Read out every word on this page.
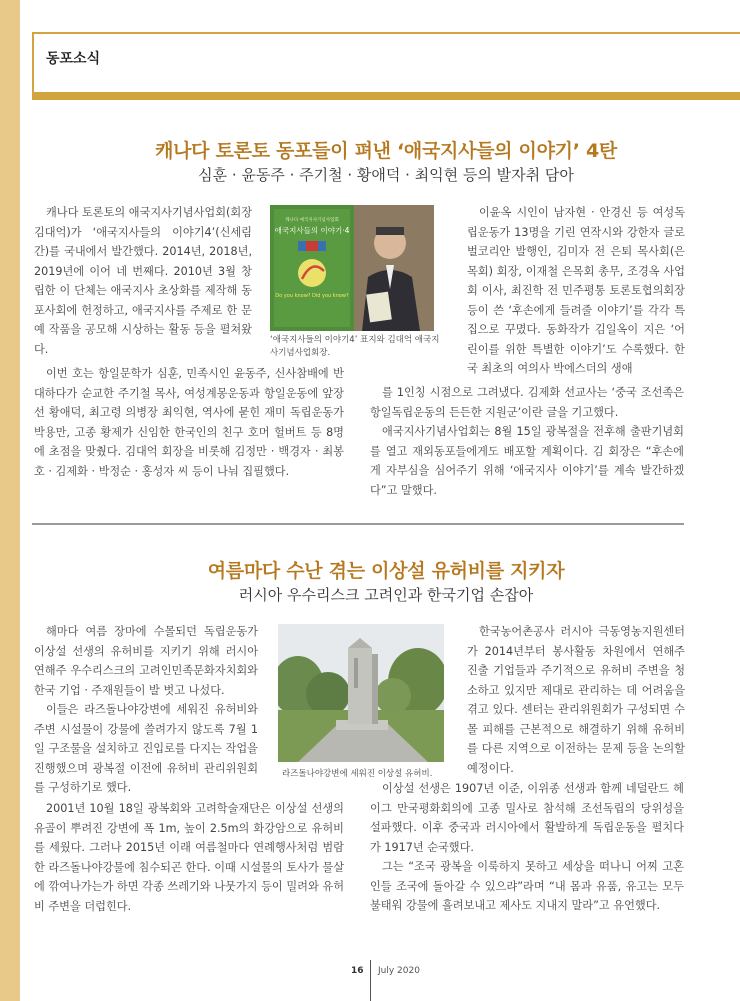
동포소식
캐나다 토론토 동포들이 펴낸 ‘애국지사들의 이야기’ 4탄
심훈 · 윤동주 · 주기철 · 황애덕 · 최익현 등의 발자취 담아

캐나다 토론토의 애국지사기념사업회(회장 김대억)가 ‘애국지사들의 이야기4’(신세림 간)를 국내에서 발간했다. 2014년, 2018년, 2019년에 이어 네 번째다. 2010년 3월 창립한 이 단체는 애국지사 초상화를 제작해 동포사회에 헌정하고, 애국지사를 주제로 한 문예 작품을 공모해 시상하는 활동 등을 펼쳐왔다.

캐나다 애국지사기념사업회
애국지사들의 이야기·4
Do you know? Did you know?
‘애국지사들의 이야기4’ 표지와 김대억 애국지사기념사업회장.

이윤옥 시인이 남자현 · 안경신 등 여성독립운동가 13명을 기린 연작시와 강한자 글로벌코리안 발행인, 김미자 전 은퇴 목사회(은목회) 회장, 이재철 은목회 총무, 조경옥 사업회 이사, 최진학 전 민주평통 토론토협의회장 등이 쓴 ‘후손에게 들려줄 이야기’를 각각 특집으로 꾸몄다. 동화작가 김일옥이 지은 ‘어린이를 위한 특별한 이야기’도 수록했다. 한국 최초의 여의사 박에스더의 생애

이번 호는 항일문학가 심훈, 민족시인 윤동주, 신사참배에 반대하다가 순교한 주기철 목사, 여성계몽운동과 항일운동에 앞장선 황애덕, 최고령 의병장 최익현, 역사에 묻힌 재미 독립운동가 박용만, 고종 황제가 신임한 한국인의 친구 호머 헐버트 등 8명에 초점을 맞췄다. 김대억 회장을 비롯해 김정만 · 백경자 · 최봉호 · 김제화 · 박정순 · 홍성자 씨 등이 나눠 집필했다.

를 1인칭 시점으로 그려냈다. 김제화 선교사는 ‘중국 조선족은 항일독립운동의 든든한 지원군’이란 글을 기고했다.

애국지사기념사업회는 8월 15일 광복절을 전후해 출판기념회를 열고 재외동포들에게도 배포할 계획이다. 김 회장은 “후손에게 자부심을 심어주기 위해 ‘애국지사 이야기’를 계속 발간하겠다”고 말했다.

여름마다 수난 겪는 이상설 유허비를 지키자
러시아 우수리스크 고려인과 한국기업 손잡아

해마다 여름 장마에 수몰되던 독립운동가 이상설 선생의 유허비를 지키기 위해 러시아 연해주 우수리스크의 고려인민족문화자치회와 한국 기업 · 주재원들이 발 벗고 나섰다.

이들은 라즈돌나야강변에 세워진 유허비와 주변 시설물이 강물에 쓸려가지 않도록 7월 1일 구조물을 설치하고 진입로를 다지는 작업을 진행했으며 광복절 이전에 유허비 관리위원회를 구성하기로 했다.

라즈돌나야강변에 세워진 이상설 유허비.

한국농어촌공사 러시아 극동영농지원센터가 2014년부터 봉사활동 차원에서 연해주 진출 기업들과 주기적으로 유허비 주변을 청소하고 있지만 제대로 관리하는 데 어려움을 겪고 있다. 센터는 관리위원회가 구성되면 수몰 피해를 근본적으로 해결하기 위해 유허비를 다른 지역으로 이전하는 문제 등을 논의할 예정이다.

2001년 10월 18일 광복회와 고려학술재단은 이상설 선생의 유골이 뿌려진 강변에 폭 1m, 높이 2.5m의 화강암으로 유허비를 세웠다. 그러나 2015년 이래 여름철마다 연례행사처럼 범람한 라즈돌나야강물에 침수되곤 한다. 이때 시설물의 토사가 물살에 깎여나가는가 하면 각종 쓰레기와 나뭇가지 등이 밀려와 유허비 주변을 더럽힌다.

이상설 선생은 1907년 이준, 이위종 선생과 함께 네덜란드 헤이그 만국평화회의에 고종 밀사로 참석해 조선독립의 당위성을 설파했다. 이후 중국과 러시아에서 활발하게 독립운동을 펼치다가 1917년 순국했다.

그는 “조국 광복을 이룩하지 못하고 세상을 떠나니 어찌 고혼인들 조국에 돌아갈 수 있으랴”라며 “내 몸과 유품, 유고는 모두 불태워 강물에 흘려보내고 제사도 지내지 말라”고 유언했다.

16 July 2020
